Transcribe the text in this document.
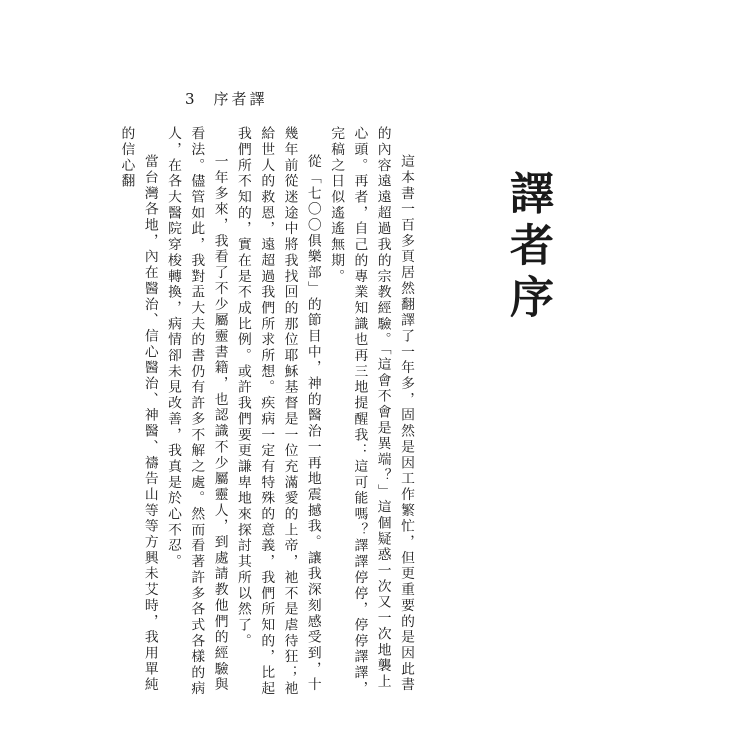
3 序者譯
譯者序

這本書一百多頁居然翻譯了一年多，固然是因工作繁忙，但更重要的是因此書的內容遠遠超過我的宗教經驗。「這會不會是異端？」這個疑惑一次又一次地襲上心頭。再者，自己的專業知識也再三地提醒我：這可能嗎？譯譯停停，停停譯譯，完稿之日似遙遙無期。

從「七〇〇俱樂部」的節目中，神的醫治一再地震撼我。讓我深刻感受到，十幾年前從迷途中將我找回的那位耶穌基督是一位充滿愛的上帝，祂不是虐待狂；祂給世人的救恩，遠超過我們所求所想。疾病一定有特殊的意義，我們所知的，比起我們所不知的，實在是不成比例。或許我們要更謙卑地來探討其所以然了。

一年多來，我看了不少屬靈書籍，也認識不少屬靈人，到處請教他們的經驗與看法。儘管如此，我對盂大夫的書仍有許多不解之處。然而看著許多各式各樣的病人，在各大醫院穿梭轉換，病情卻未見改善，我真是於心不忍。

當台灣各地，內在醫治、信心醫治、神醫、禱告山等等方興未艾時，我用單純的信心翻
